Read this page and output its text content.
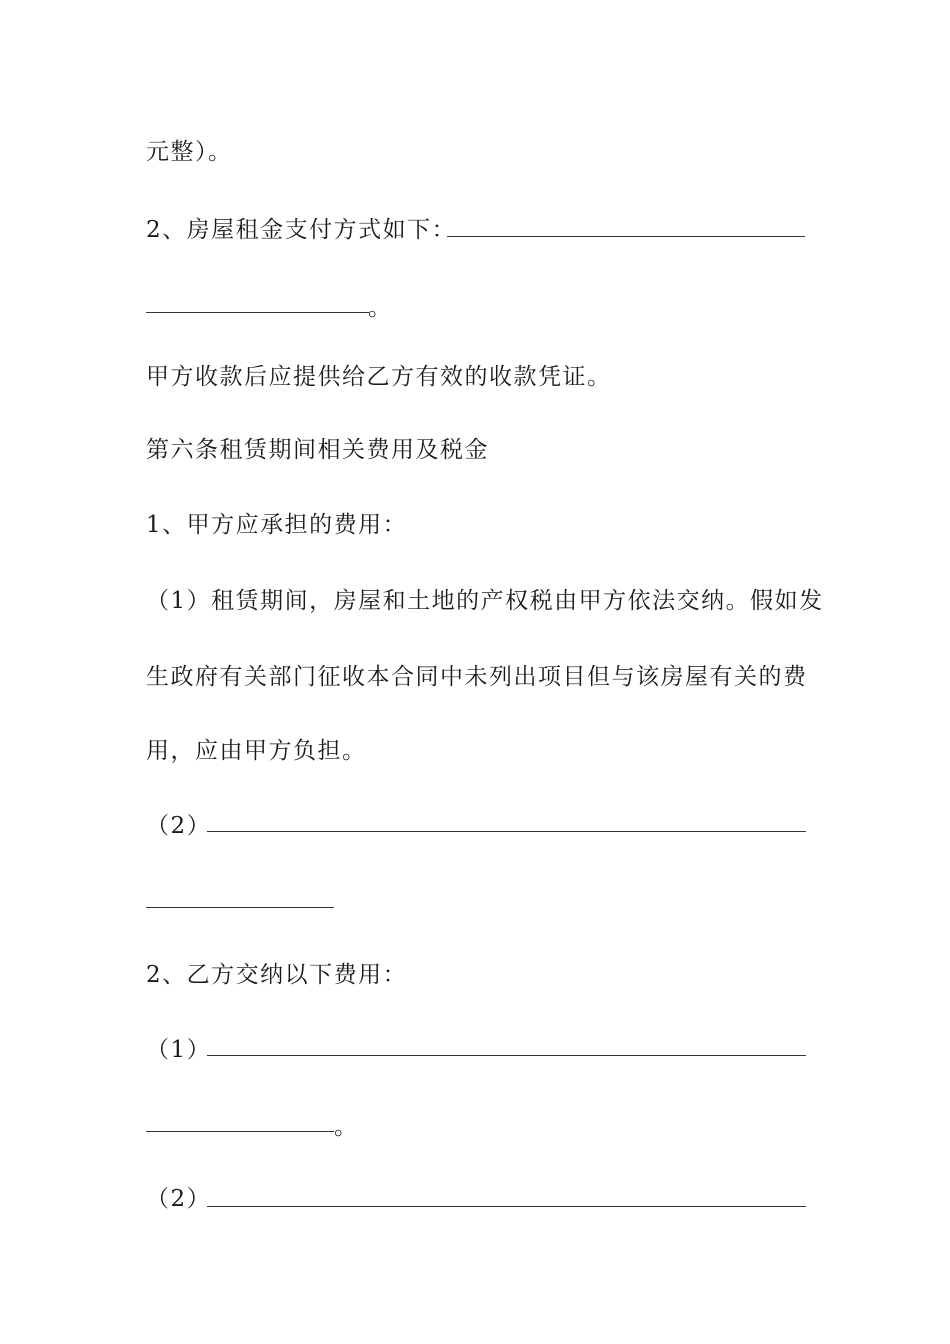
元整）。
2、房屋租金支付方式如下：
。
甲方收款后应提供给乙方有效的收款凭证。
第六条租赁期间相关费用及税金
1、甲方应承担的费用：
（1）租赁期间，房屋和土地的产权税由甲方依法交纳。假如发
生政府有关部门征收本合同中未列出项目但与该房屋有关的费
用，应由甲方负担。
（2）
2、乙方交纳以下费用：
（1）
。
（2）
